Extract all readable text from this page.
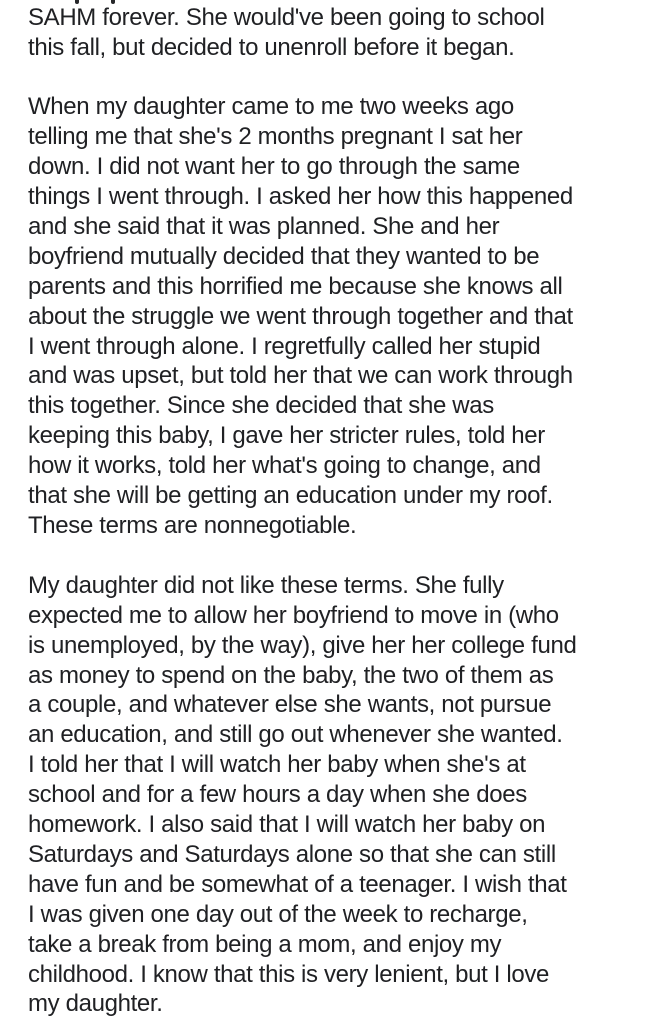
SAHM forever. She would've been going to school
this fall, but decided to unenroll before it began.

When my daughter came to me two weeks ago
telling me that she's 2 months pregnant I sat her
down. I did not want her to go through the same
things I went through. I asked her how this happened
and she said that it was planned. She and her
boyfriend mutually decided that they wanted to be
parents and this horrified me because she knows all
about the struggle we went through together and that
I went through alone. I regretfully called her stupid
and was upset, but told her that we can work through
this together. Since she decided that she was
keeping this baby, I gave her stricter rules, told her
how it works, told her what's going to change, and
that she will be getting an education under my roof.
These terms are nonnegotiable.

My daughter did not like these terms. She fully
expected me to allow her boyfriend to move in (who
is unemployed, by the way), give her her college fund
as money to spend on the baby, the two of them as
a couple, and whatever else she wants, not pursue
an education, and still go out whenever she wanted.
I told her that I will watch her baby when she's at
school and for a few hours a day when she does
homework. I also said that I will watch her baby on
Saturdays and Saturdays alone so that she can still
have fun and be somewhat of a teenager. I wish that
I was given one day out of the week to recharge,
take a break from being a mom, and enjoy my
childhood. I know that this is very lenient, but I love
my daughter.
